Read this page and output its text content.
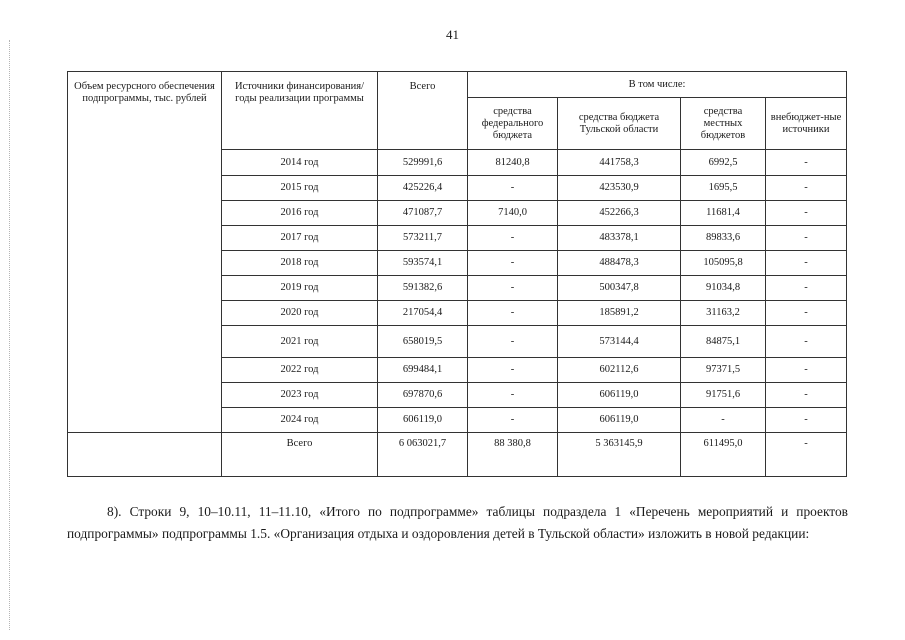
41
Объем ресурсного обеспечения подпрограммы, тыс. рублей	Источники финансирования/годы реализации программы	Всего	В том числе:			
			средства федерального бюджета	средства бюджета Тульской области	средства местных бюджетов	внебюджет-ные источники
	2014 год	529991,6	81240,8	441758,3	6992,5	-
	2015 год	425226,4	-	423530,9	1695,5	-
	2016 год	471087,7	7140,0	452266,3	11681,4	-
	2017 год	573211,7	-	483378,1	89833,6	-
	2018 год	593574,1	-	488478,3	105095,8	-
	2019 год	591382,6	-	500347,8	91034,8	-
	2020 год	217054,4	-	185891,2	31163,2	-
	2021 год	658019,5	-	573144,4	84875,1	-
	2022 год	699484,1	-	602112,6	97371,5	-
	2023 год	697870,6	-	606119,0	91751,6	-
	2024 год	606119,0	-	606119,0	-	-
	Всего	6 063021,7	88 380,8	5 363145,9	611495,0	-

8). Строки 9, 10–10.11, 11–11.10, «Итого по подпрограмме» таблицы подраздела 1 «Перечень мероприятий и проектов подпрограммы» подпрограммы 1.5. «Организация отдыха и оздоровления детей в Тульской области» изложить в новой редакции:
